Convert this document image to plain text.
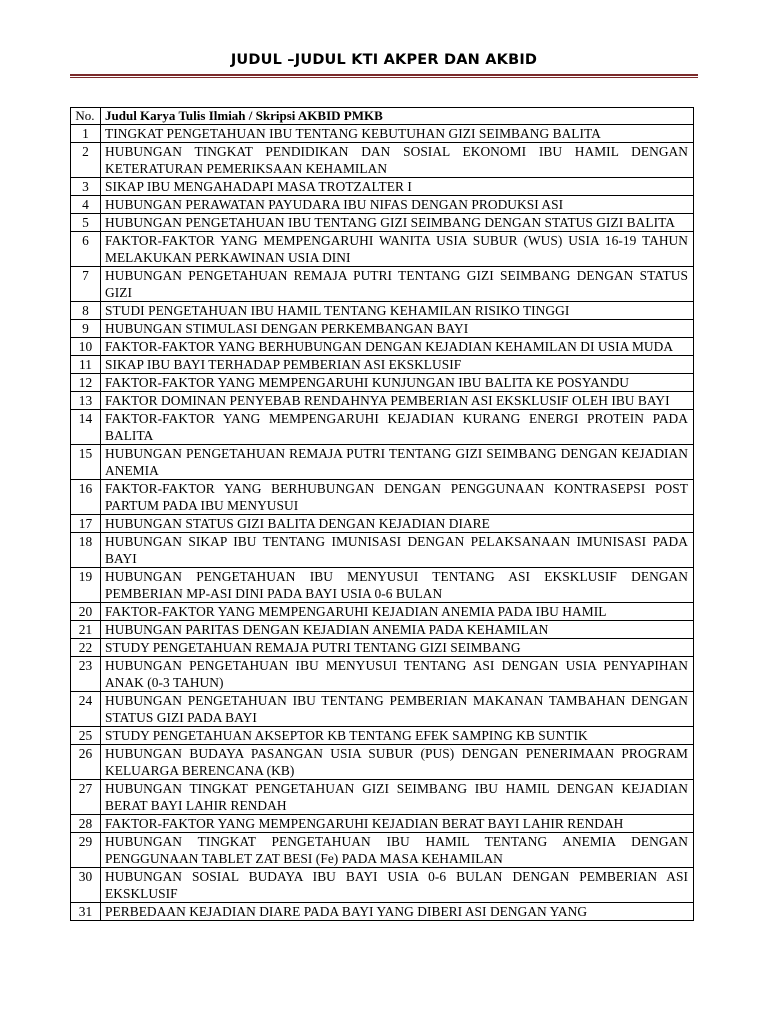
JUDUL –JUDUL KTI AKPER DAN AKBID
No.	Judul Karya Tulis Ilmiah / Skripsi AKBID PMKB
1	TINGKAT PENGETAHUAN IBU TENTANG KEBUTUHAN GIZI SEIMBANG BALITA
2	HUBUNGAN TINGKAT PENDIDIKAN DAN SOSIAL EKONOMI IBU HAMIL DENGAN KETERATURAN PEMERIKSAAN KEHAMILAN
3	SIKAP IBU MENGAHADAPI MASA TROTZALTER I
4	HUBUNGAN PERAWATAN PAYUDARA IBU NIFAS DENGAN PRODUKSI ASI
5	HUBUNGAN PENGETAHUAN IBU TENTANG GIZI SEIMBANG DENGAN STATUS GIZI BALITA
6	FAKTOR-FAKTOR YANG MEMPENGARUHI WANITA USIA SUBUR (WUS) USIA 16-19 TAHUN MELAKUKAN PERKAWINAN USIA DINI
7	HUBUNGAN PENGETAHUAN REMAJA PUTRI TENTANG GIZI SEIMBANG DENGAN STATUS GIZI
8	STUDI PENGETAHUAN IBU HAMIL TENTANG KEHAMILAN RISIKO TINGGI
9	HUBUNGAN STIMULASI DENGAN PERKEMBANGAN BAYI
10	FAKTOR-FAKTOR YANG BERHUBUNGAN DENGAN KEJADIAN KEHAMILAN DI USIA MUDA
11	SIKAP IBU BAYI TERHADAP PEMBERIAN ASI EKSKLUSIF
12	FAKTOR-FAKTOR YANG MEMPENGARUHI KUNJUNGAN IBU BALITA KE POSYANDU
13	FAKTOR DOMINAN PENYEBAB RENDAHNYA PEMBERIAN ASI EKSKLUSIF OLEH IBU BAYI
14	FAKTOR-FAKTOR YANG MEMPENGARUHI KEJADIAN KURANG ENERGI PROTEIN PADA BALITA
15	HUBUNGAN PENGETAHUAN REMAJA PUTRI TENTANG GIZI SEIMBANG DENGAN KEJADIAN ANEMIA
16	FAKTOR-FAKTOR YANG BERHUBUNGAN DENGAN PENGGUNAAN KONTRASEPSI POST PARTUM PADA IBU MENYUSUI
17	HUBUNGAN STATUS GIZI BALITA DENGAN KEJADIAN DIARE
18	HUBUNGAN SIKAP IBU TENTANG IMUNISASI DENGAN PELAKSANAAN IMUNISASI PADA BAYI
19	HUBUNGAN PENGETAHUAN IBU MENYUSUI TENTANG ASI EKSKLUSIF DENGAN PEMBERIAN MP-ASI DINI PADA BAYI USIA 0-6 BULAN
20	FAKTOR-FAKTOR YANG MEMPENGARUHI KEJADIAN ANEMIA PADA IBU HAMIL
21	HUBUNGAN PARITAS DENGAN KEJADIAN ANEMIA PADA KEHAMILAN
22	STUDY PENGETAHUAN REMAJA PUTRI TENTANG GIZI SEIMBANG
23	HUBUNGAN PENGETAHUAN IBU MENYUSUI TENTANG ASI DENGAN USIA PENYAPIHAN ANAK (0-3 TAHUN)
24	HUBUNGAN PENGETAHUAN IBU TENTANG PEMBERIAN MAKANAN TAMBAHAN DENGAN STATUS GIZI PADA BAYI
25	STUDY PENGETAHUAN AKSEPTOR KB TENTANG EFEK SAMPING KB SUNTIK
26	HUBUNGAN BUDAYA PASANGAN USIA SUBUR (PUS) DENGAN PENERIMAAN PROGRAM KELUARGA BERENCANA (KB)
27	HUBUNGAN TINGKAT PENGETAHUAN GIZI SEIMBANG IBU HAMIL DENGAN KEJADIAN BERAT BAYI LAHIR RENDAH
28	FAKTOR-FAKTOR YANG MEMPENGARUHI KEJADIAN BERAT BAYI LAHIR RENDAH
29	HUBUNGAN TINGKAT PENGETAHUAN IBU HAMIL TENTANG ANEMIA DENGAN PENGGUNAAN TABLET ZAT BESI (Fe) PADA MASA KEHAMILAN
30	HUBUNGAN SOSIAL BUDAYA IBU BAYI USIA 0-6 BULAN DENGAN PEMBERIAN ASI EKSKLUSIF
31	PERBEDAAN KEJADIAN DIARE PADA BAYI YANG DIBERI ASI DENGAN YANG
